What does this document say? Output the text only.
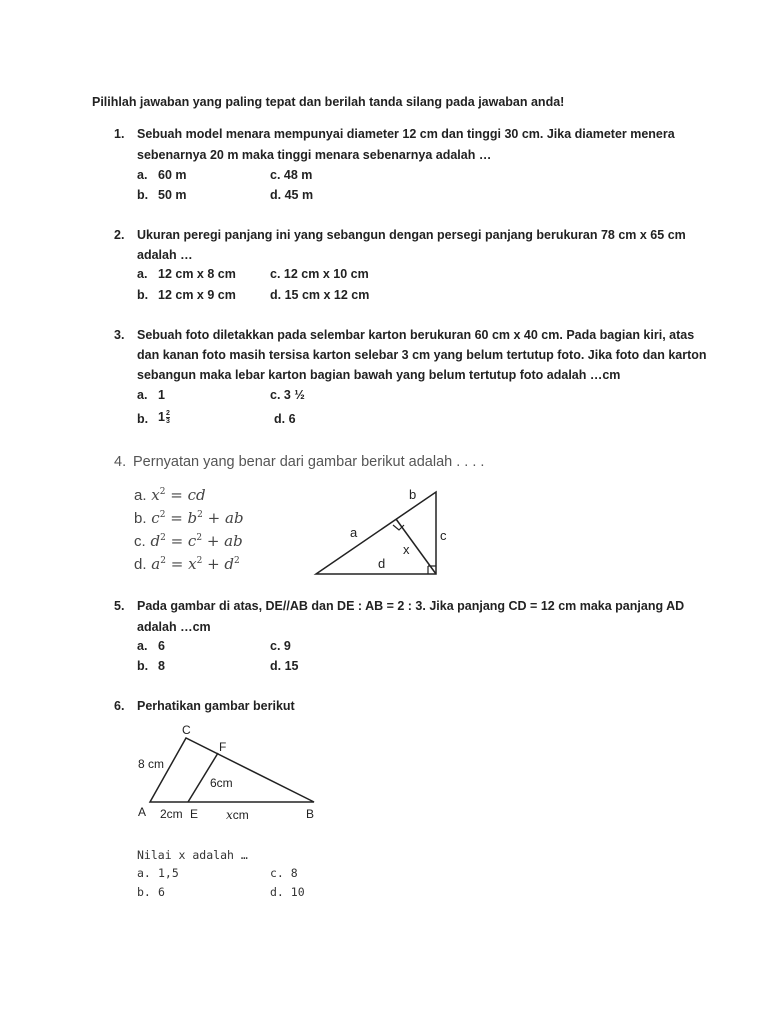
Pilihlah jawaban yang paling tepat dan berilah tanda silang pada jawaban anda!
1. Sebuah model menara mempunyai diameter 12 cm dan tinggi 30 cm. Jika diameter menera
sebenarnya 20 m maka tinggi menara sebenarnya adalah …
a. 60 m	c. 48 m
b. 50 m	d. 45 m
2. Ukuran peregi panjang ini yang sebangun dengan persegi panjang berukuran 78 cm x 65 cm
adalah …
a. 12 cm x 8 cm	c. 12 cm x 10 cm
b. 12 cm x 9 cm	d. 15 cm x 12 cm
3. Sebuah foto diletakkan pada selembar karton berukuran 60 cm x 40 cm. Pada bagian kiri, atas
dan kanan foto masih tersisa karton selebar 3 cm yang belum tertutup foto. Jika foto dan karton
sebangun maka lebar karton bagian bawah yang belum tertutup foto adalah …cm
a. 1	c. 3 ½
b. $1 \frac{2}{3}$	d. 6
4. Pernyatan yang benar dari gambar berikut adalah . . . .
a. $x^2$ = cd
b. $c^2 = b^2$ + ab
c. $d^2 = c^2$ + ab
d. $a^2 = x^2 + d^2$
b
c
a
x
d
5. Pada gambar di atas, DE//AB dan DE : AB = 2 : 3. Jika panjang CD = 12 cm maka panjang AD
adalah …cm
a. 6	c. 9
b. 8	d. 15
6. Perhatikan gambar berikut
C
F
8 cm
6cm
A 2cm E xcm	B
Nilai x adalah …
a. 1,5	c. 8
b. 6	d. 10
